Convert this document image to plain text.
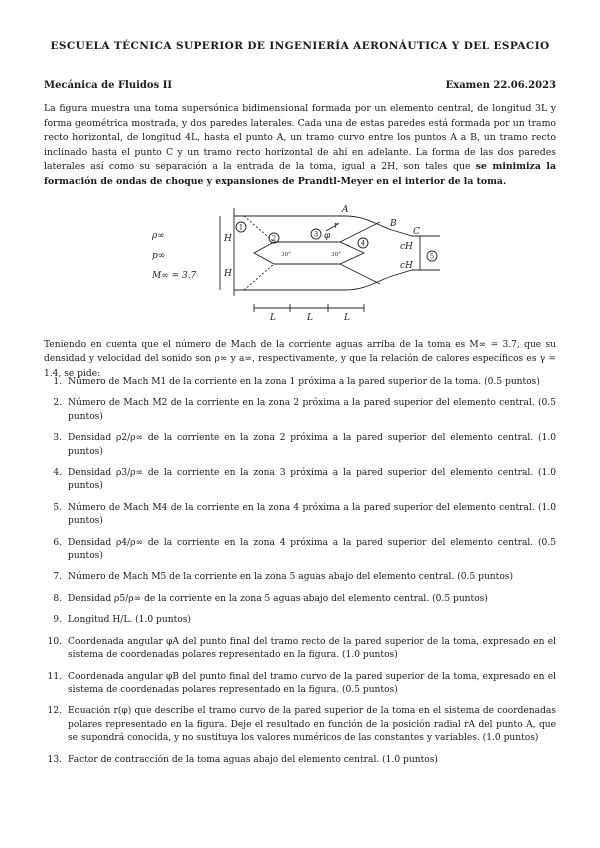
ESCUELA TÉCNICA SUPERIOR DE INGENIERÍA AERONÁUTICA Y DEL ESPACIO
Mecánica de Fluidos II	Examen 22.06.2023
La figura muestra una toma supersónica bidimensional formada por un elemento central, de longitud 3L y forma geométrica mostrada, y dos paredes laterales. Cada una de estas paredes está formada por un tramo recto horizontal, de longitud 4L, hasta el punto A, un tramo curvo entre los puntos A a B, un tramo recto inclinado hasta el punto C y un tramo recto horizontal de ahí en adelante. La forma de las dos paredes laterales así como su separación a la entrada de la toma, igual a 2H, son tales que se minimiza la formación de ondas de choque y expansiones de Prandtl-Meyer en el interior de la toma.
1
2	3
4
5
30°	30°
ρ∞
p∞
M∞ = 3.7
H
H
A
B
C
φ
r
cH
cH
L	L	L
Teniendo en cuenta que el número de Mach de la corriente aguas arriba de la toma es M∞ = 3.7, que su densidad y velocidad del sonido son ρ∞ y a∞, respectivamente, y que la relación de calores específicos es γ = 1.4, se pide:
1. Número de Mach M1 de la corriente en la zona 1 próxima a la pared superior de la toma. (0.5 puntos)
2. Número de Mach M2 de la corriente en la zona 2 próxima a la pared superior del elemento central. (0.5 puntos)
3. Densidad ρ2/ρ∞ de la corriente en la zona 2 próxima a la pared superior del elemento central. (1.0 puntos)
4. Densidad ρ3/ρ∞ de la corriente en la zona 3 próxima a la pared superior del elemento central. (1.0 puntos)
5. Número de Mach M4 de la corriente en la zona 4 próxima a la pared superior del elemento central. (1.0 puntos)
6. Densidad ρ4/ρ∞ de la corriente en la zona 4 próxima a la pared superior del elemento central. (0.5 puntos)
7. Número de Mach M5 de la corriente en la zona 5 aguas abajo del elemento central. (0.5 puntos)
8. Densidad ρ5/ρ∞ de la corriente en la zona 5 aguas abajo del elemento central. (0.5 puntos)
9. Longitud H/L. (1.0 puntos)
10. Coordenada angular φA del punto final del tramo recto de la pared superior de la toma, expresado en el sistema de coordenadas polares representado en la figura. (1.0 puntos)
11. Coordenada angular φB del punto final del tramo curvo de la pared superior de la toma, expresado en el sistema de coordenadas polares representado en la figura. (0.5 puntos)
12. Ecuación r(φ) que describe el tramo curvo de la pared superior de la toma en el sistema de coordenadas polares representado en la figura. Deje el resultado en función de la posición radial rA del punto A, que se supondrá conocida, y no sustituya los valores numéricos de las constantes y variables. (1.0 puntos)
13. Factor de contracción de la toma aguas abajo del elemento central. (1.0 puntos)
